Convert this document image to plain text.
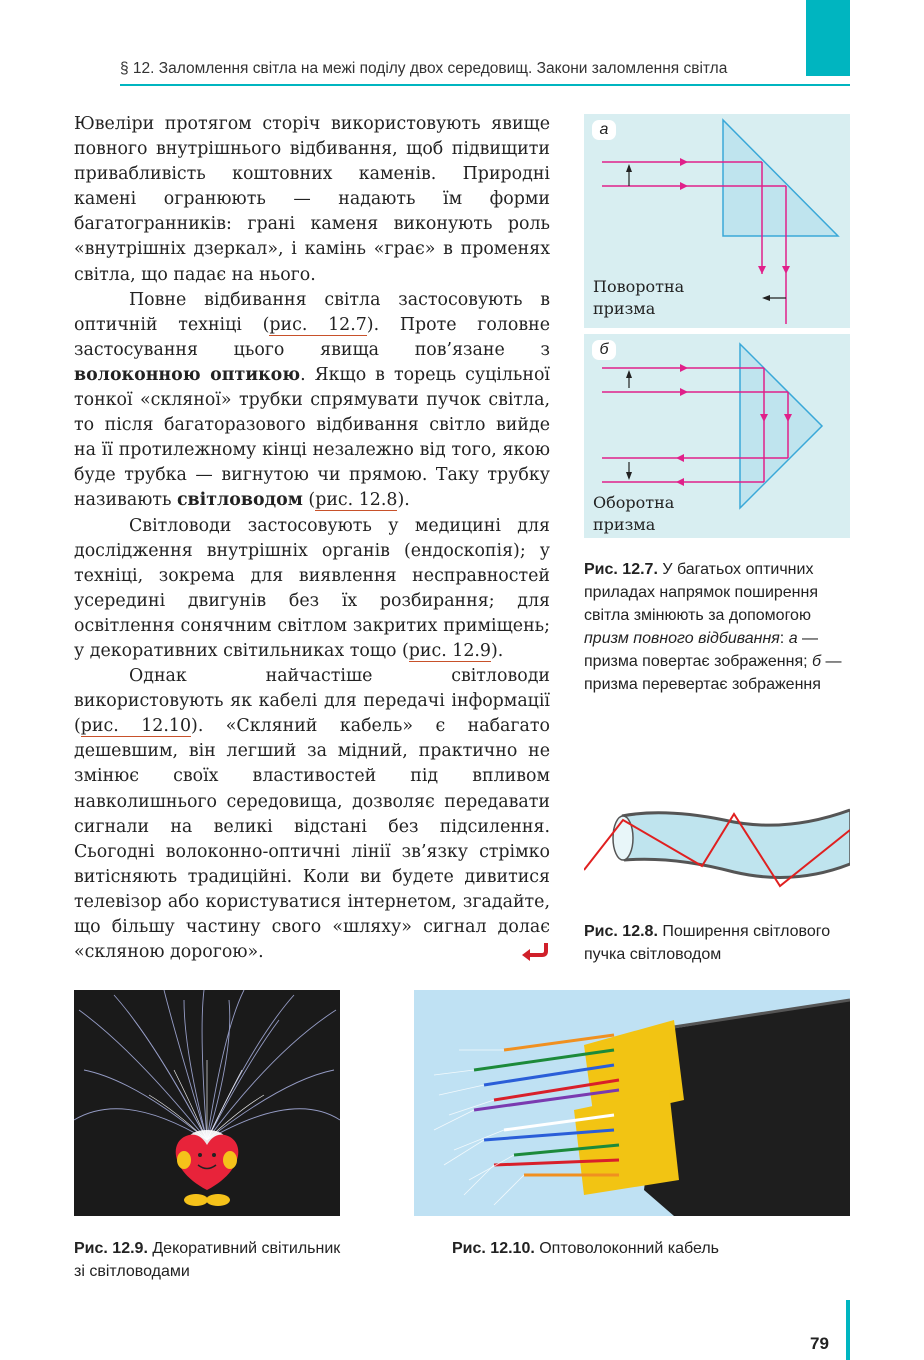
§ 12. Заломлення світла на межі поділу двох середовищ. Закони заломлення світла

Ювеліри протягом сторіч використовують явище повного внутрішнього відбивання, щоб підвищити привабливість коштовних каменів. Природні камені огранюють — надають їм форми багатогранників: грані каменя виконують роль «внутрішніх дзеркал», і камінь «грає» в променях світла, що падає на нього.

Повне відбивання світла застосовують в оптичній техніці (рис. 12.7). Проте головне застосування цього явища пов’язане з волоконною оптикою. Якщо в торець суцільної тонкої «скляної» трубки спрямувати пучок світла, то після багаторазового відбивання світло вийде на її протилежному кінці незалежно від того, якою буде трубка — вигнутою чи прямою. Таку трубку називають світловодом (рис. 12.8).

Світловоди застосовують у медицині для дослідження внутрішніх органів (ендоскопія); у техніці, зокрема для виявлення несправностей усередині двигунів без їх розбирання; для освітлення сонячним світлом закритих приміщень; у декоративних світильниках тощо (рис. 12.9).

Однак найчастіше світловоди використовують як кабелі для передачі інформації (рис. 12.10). «Скляний кабель» є набагато дешевшим, він легший за мідний, практично не змінює своїх властивостей під впливом навколишнього середовища, дозволяє передавати сигнали на великі відстані без підсилення. Сьогодні волоконно-оптичні лінії зв’язку стрімко витісняють традиційні. Коли ви будете дивитися телевізор або користуватися інтернетом, згадайте, що більшу частину свого «шляху» сигнал долає «скляною дорогою».

а
Поворотна призма
б
Оборотна призма
Рис. 12.7. У багатьох оптичних приладах напрямок поширення світла змінюють за допомогою призм повного відбивання: а — призма повертає зображення; б — призма перевертає зображення
Рис. 12.8. Поширення світлового пучка світловодом
Рис. 12.9. Декоративний світильник зі світловодами
Рис. 12.10. Оптоволоконний кабель
79
